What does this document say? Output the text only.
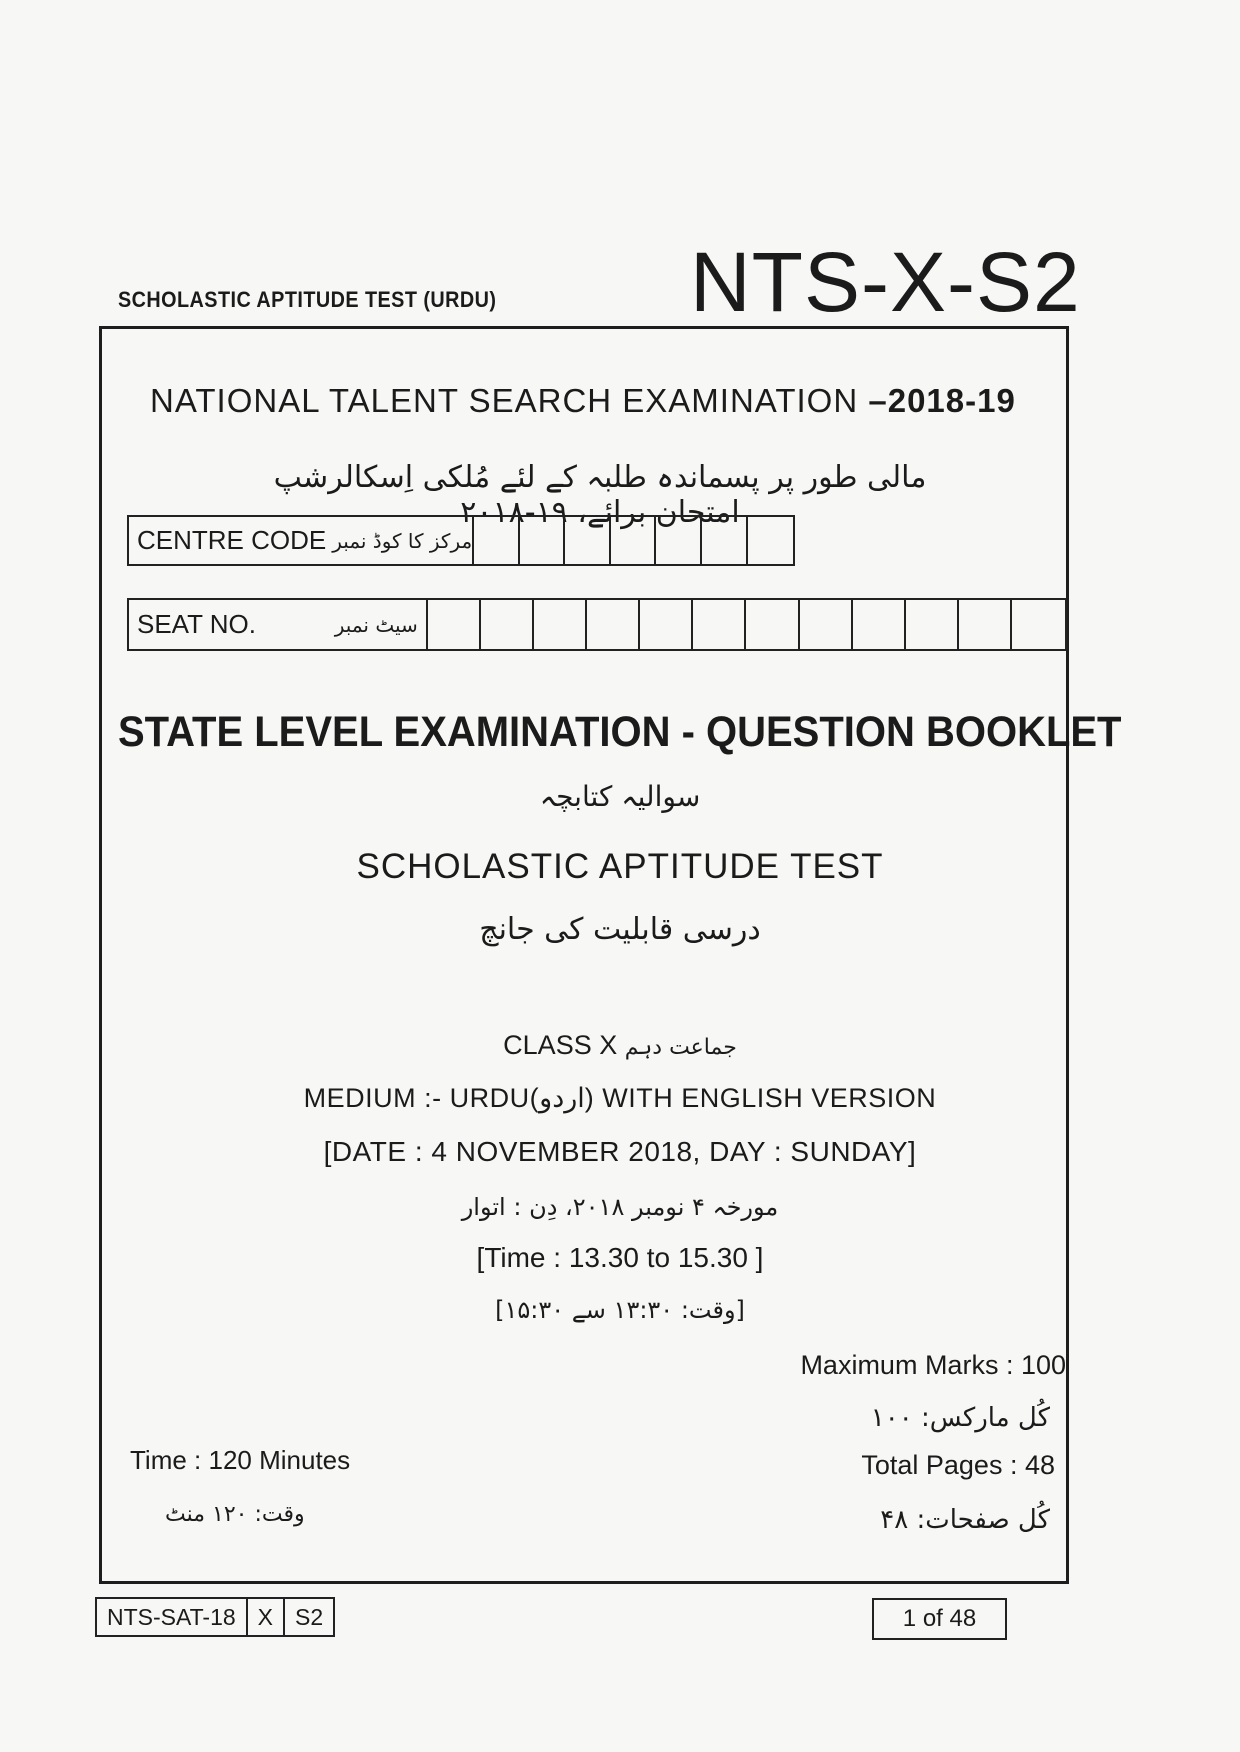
SCHOLASTIC APTITUDE TEST (URDU) NTS-X-S2
NATIONAL TALENT SEARCH EXAMINATION –2018-19
مالی طور پر پسماندہ طلبہ کے لئے مُلکی اِسکالرشپ امتحان برائے، ۱۹-۲۰۱۸
CENTRE CODE مرکز کا کوڈ نمبر
SEAT NO.	سیٹ نمبر
STATE LEVEL EXAMINATION - QUESTION BOOKLET
سوالیہ کتابچہ
SCHOLASTIC APTITUDE TEST
درسی قابلیت کی جانچ
CLASS X جماعت دہم
MEDIUM :- URDU(اردو) WITH ENGLISH VERSION
[DATE : 4 NOVEMBER 2018, DAY : SUNDAY]
مورخہ ۴ نومبر ۲۰۱۸، دِن : اتوار
[Time : 13.30 to 15.30 ]
[وقت: ۱۳:۳۰ سے ۱۵:۳۰]
Maximum Marks : 100
کُل مارکس: ۱۰۰
Time : 120 Minutes	Total Pages : 48
وقت: ۱۲۰ منٹ	کُل صفحات: ۴۸
NTS-SAT-18 X S2	1 of 48
